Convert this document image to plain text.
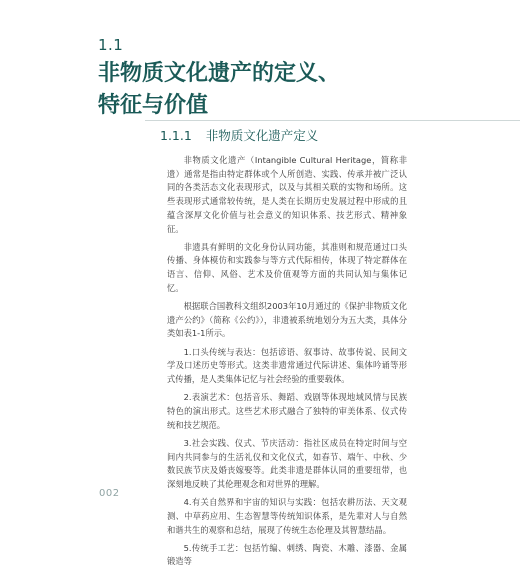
1.1
非物质文化遗产的定义、
特征与价值
1.1.1 非物质文化遗产定义

非物质文化遗产（Intangible Cultural Heritage，简称非遗）通常是指由特定群体或个人所创造、实践、传承并被广泛认同的各类活态文化表现形式，以及与其相关联的实物和场所。这些表现形式通常较传统，是人类在长期历史发展过程中形成的且蕴含深厚文化价值与社会意义的知识体系、技艺形式、精神象征。

非遗具有鲜明的文化身份认同功能，其准则和规范通过口头传播、身体模仿和实践参与等方式代际相传，体现了特定群体在语言、信仰、风俗、艺术及价值观等方面的共同认知与集体记忆。

根据联合国教科文组织2003年10月通过的《保护非物质文化遗产公约》（简称《公约》），非遗被系统地划分为五大类，具体分类如表1-1所示。

1.口头传统与表达：包括谚语、叙事诗、故事传说、民间文学及口述历史等形式。这类非遗常通过代际讲述、集体吟诵等形式传播，是人类集体记忆与社会经验的重要载体。

2.表演艺术：包括音乐、舞蹈、戏剧等体现地域风情与民族特色的演出形式。这些艺术形式融合了独特的审美体系、仪式传统和技艺规范。

3.社会实践、仪式、节庆活动：指社区成员在特定时间与空间内共同参与的生活礼仪和文化仪式，如春节、端午、中秋、少数民族节庆及婚丧嫁娶等。此类非遗是群体认同的重要纽带，也深刻地反映了其伦理观念和对世界的理解。

4.有关自然界和宇宙的知识与实践：包括农耕历法、天文观测、中草药应用、生态智慧等传统知识体系，是先辈对人与自然和谐共生的观察和总结，展现了传统生态伦理及其智慧结晶。

5.传统手工艺：包括竹编、刺绣、陶瓷、木雕、漆器、金属锻造等

002
